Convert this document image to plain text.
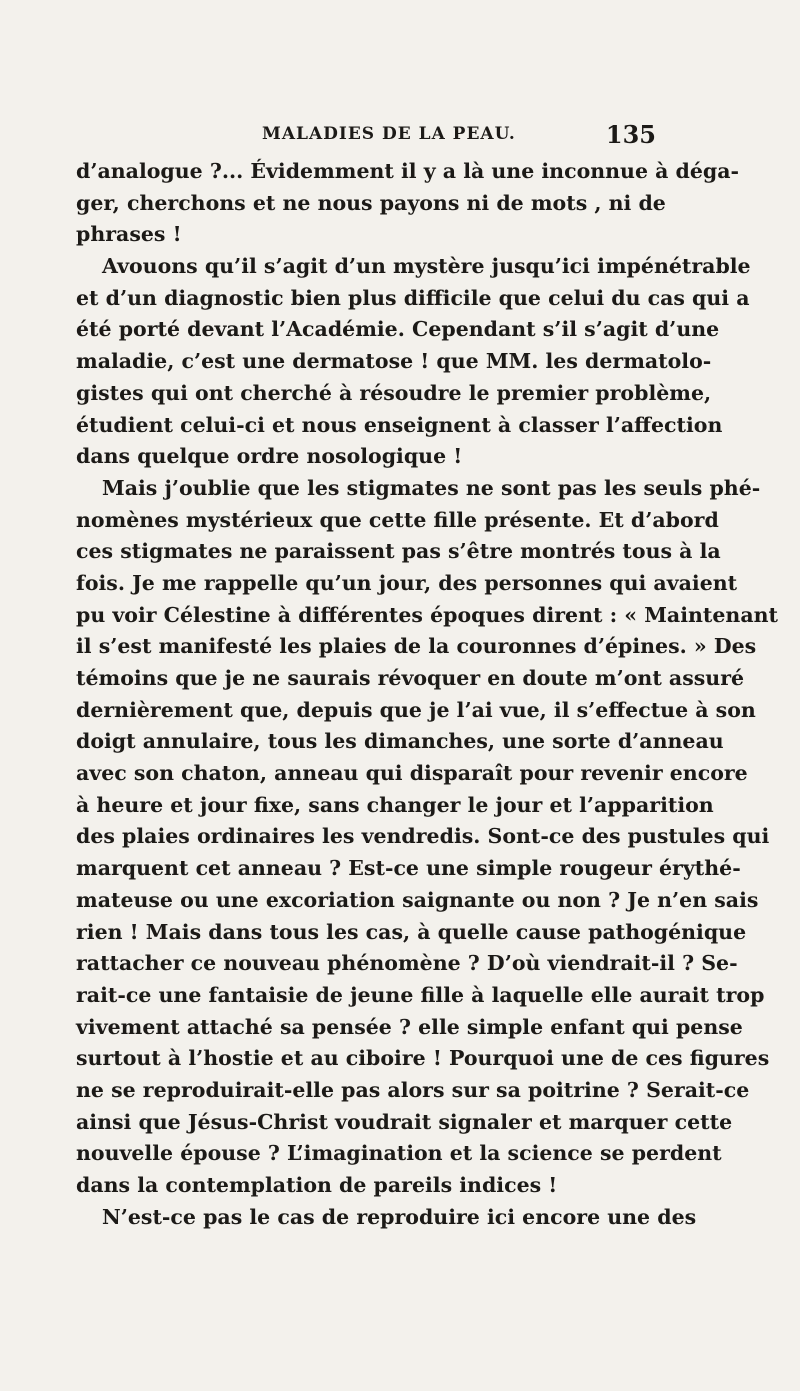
MALADIES DE LA PEAU.	135
d’analogue ?... Évidemment il y a là une inconnue à déga-
ger, cherchons et ne nous payons ni de mots , ni de
phrases !
Avouons qu’il s’agit d’un mystère jusqu’ici impénétrable
et d’un diagnostic bien plus difficile que celui du cas qui a
été porté devant l’Académie. Cependant s’il s’agit d’une
maladie, c’est une dermatose ! que MM. les dermatolo-
gistes qui ont cherché à résoudre le premier problème,
étudient celui-ci et nous enseignent à classer l’affection
dans quelque ordre nosologique !
Mais j’oublie que les stigmates ne sont pas les seuls phé-
nomènes mystérieux que cette fille présente. Et d’abord
ces stigmates ne paraissent pas s’être montrés tous à la
fois. Je me rappelle qu’un jour, des personnes qui avaient
pu voir Célestine à différentes époques dirent : « Maintenant
il s’est manifesté les plaies de la couronnes d’épines. » Des
témoins que je ne saurais révoquer en doute m’ont assuré
dernièrement que, depuis que je l’ai vue, il s’effectue à son
doigt annulaire, tous les dimanches, une sorte d’anneau
avec son chaton, anneau qui disparaît pour revenir encore
à heure et jour fixe, sans changer le jour et l’apparition
des plaies ordinaires les vendredis. Sont-ce des pustules qui
marquent cet anneau ? Est-ce une simple rougeur érythé-
mateuse ou une excoriation saignante ou non ? Je n’en sais
rien ! Mais dans tous les cas, à quelle cause pathogénique
rattacher ce nouveau phénomène ? D’où viendrait-il ? Se-
rait-ce une fantaisie de jeune fille à laquelle elle aurait trop
vivement attaché sa pensée ? elle simple enfant qui pense
surtout à l’hostie et au ciboire ! Pourquoi une de ces figures
ne se reproduirait-elle pas alors sur sa poitrine ? Serait-ce
ainsi que Jésus-Christ voudrait signaler et marquer cette
nouvelle épouse ? L’imagination et la science se perdent
dans la contemplation de pareils indices !
N’est-ce pas le cas de reproduire ici encore une des
